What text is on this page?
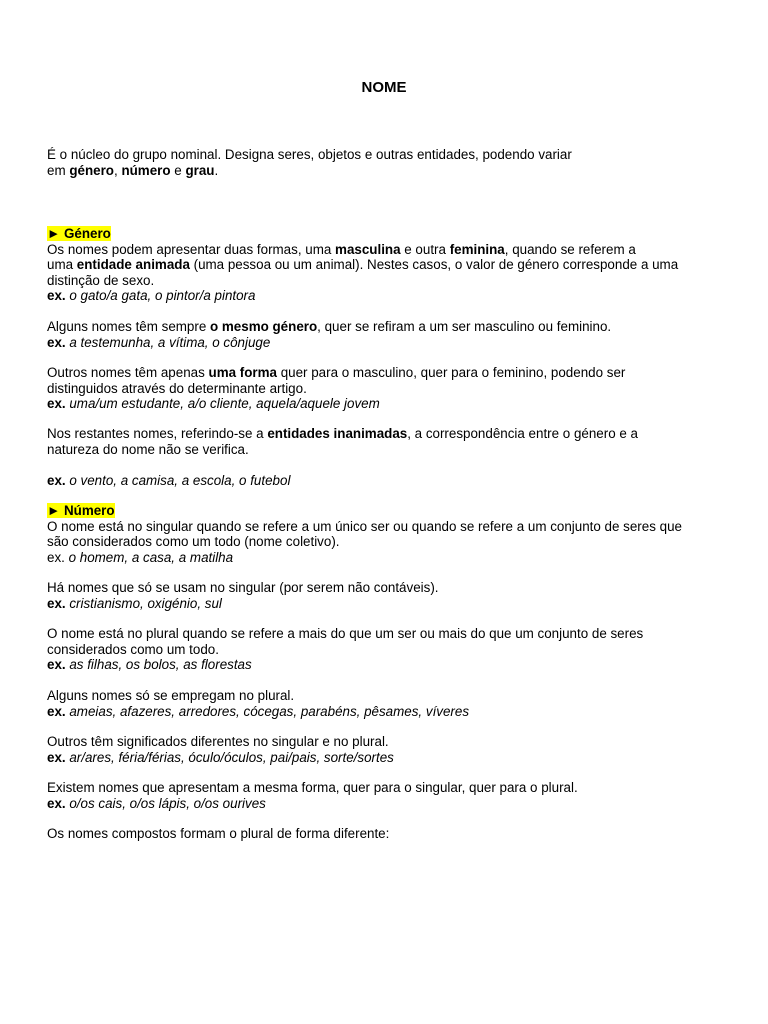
NOME
É o núcleo do grupo nominal. Designa seres, objetos e outras entidades, podendo variar
em género, número e grau.
► Género
Os nomes podem apresentar duas formas, uma masculina e outra feminina, quando se referem a
uma entidade animada (uma pessoa ou um animal). Nestes casos, o valor de género corresponde a uma
distinção de sexo.
ex. o gato/a gata, o pintor/a pintora
Alguns nomes têm sempre o mesmo género, quer se refiram a um ser masculino ou feminino.
ex. a testemunha, a vítima, o cônjuge
Outros nomes têm apenas uma forma quer para o masculino, quer para o feminino, podendo ser
distinguidos através do determinante artigo.
ex. uma/um estudante, a/o cliente, aquela/aquele jovem
Nos restantes nomes, referindo-se a entidades inanimadas, a correspondência entre o género e a
natureza do nome não se verifica.
ex. o vento, a camisa, a escola, o futebol
► Número
O nome está no singular quando se refere a um único ser ou quando se refere a um conjunto de seres que
são considerados como um todo (nome coletivo).
ex. o homem, a casa, a matilha
Há nomes que só se usam no singular (por serem não contáveis).
ex. cristianismo, oxigénio, sul
O nome está no plural quando se refere a mais do que um ser ou mais do que um conjunto de seres
considerados como um todo.
ex. as filhas, os bolos, as florestas
Alguns nomes só se empregam no plural.
ex. ameias, afazeres, arredores, cócegas, parabéns, pêsames, víveres
Outros têm significados diferentes no singular e no plural.
ex. ar/ares, féria/férias, óculo/óculos, pai/pais, sorte/sortes
Existem nomes que apresentam a mesma forma, quer para o singular, quer para o plural.
ex. o/os cais, o/os lápis, o/os ourives
Os nomes compostos formam o plural de forma diferente:
